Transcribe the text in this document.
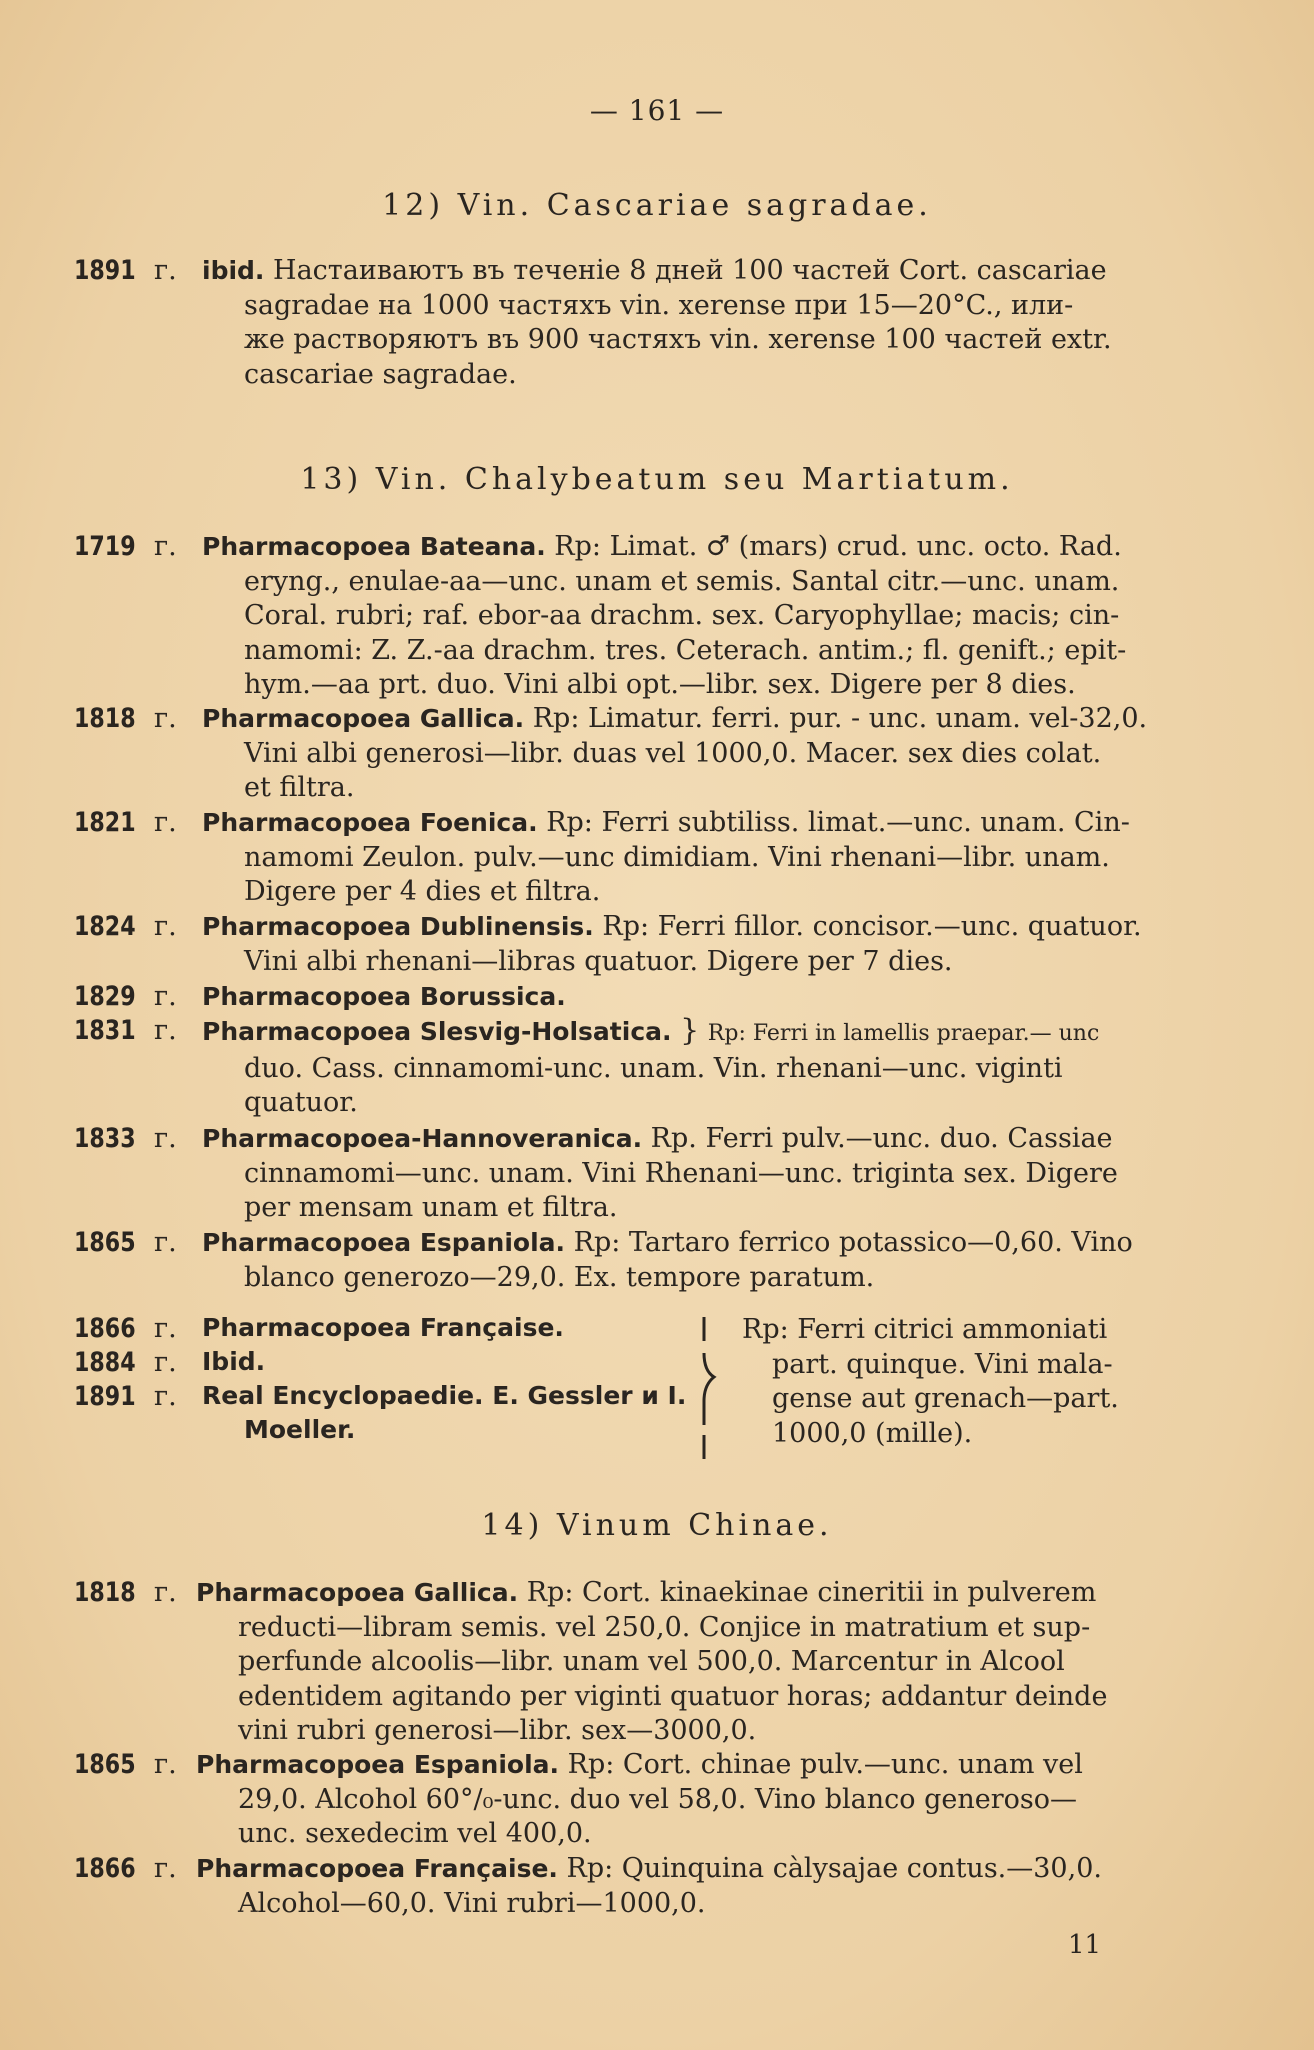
— 161 —
12) Vin. Cascariae sagradae.
1891 г. ibid. Настаиваютъ въ теченіе 8 дней 100 частей Cort. cascariae
sagradae на 1000 частяхъ vin. xerense при 15—20°C., или-
же растворяютъ въ 900 частяхъ vin. xerense 100 частей extr.
cascariae sagradae.
13) Vin. Chalybeatum seu Martiatum.
1719 г. Pharmacopoea Bateana. Rp: Limat. ♂ (mars) crud. unc. octo. Rad.
eryng., enulae-aa—unc. unam et semis. Santal citr.—unc. unam.
Coral. rubri; raf. ebor-aa drachm. sex. Caryophyllae; macis; cin-
namomi: Z. Z.-aa drachm. tres. Ceterach. antim.; fl. genift.; epit-
hym.—aa prt. duo. Vini albi opt.—libr. sex. Digere per 8 dies.
1818 г. Pharmacopoea Gallica. Rp: Limatur. ferri. pur. - unc. unam. vel-32,0.
Vini albi generosi—libr. duas vel 1000,0. Macer. sex dies colat.
et filtra.
1821 г. Pharmacopoea Foenica. Rp: Ferri subtiliss. limat.—unc. unam. Cin-
namomi Zeulon. pulv.—unc dimidiam. Vini rhenani—libr. unam.
Digere per 4 dies et filtra.
1824 г. Pharmacopoea Dublinensis. Rp: Ferri fillor. concisor.—unc. quatuor.
Vini albi rhenani—libras quatuor. Digere per 7 dies.
1829 г. Pharmacopoea Borussica.
1831 г. Pharmacopoea Slesvig-Holsatica. } Rp: Ferri in lamellis praepar.— unc
duo. Cass. cinnamomi-unc. unam. Vin. rhenani—unc. viginti
quatuor.
1833 г. Pharmacopoea-Hannoveranica. Rp. Ferri pulv.—unc. duo. Cassiae
cinnamomi—unc. unam. Vini Rhenani—unc. triginta sex. Digere
per mensam unam et filtra.
1865 г. Pharmacopoea Espaniola. Rp: Tartaro ferrico potassico—0,60. Vino
blanco generozo—29,0. Ex. tempore paratum.
1866 г. Pharmacopoea Française.
1884 г. Ibid.
1891 г. Real Encyclopaedie. E. Gessler и I.
Moeller.
Rp: Ferri citrici ammoniati
part. quinque. Vini mala-
gense aut grenach—part.
1000,0 (mille).
14) Vinum Chinae.
1818 г. Pharmacopoea Gallica. Rp: Cort. kinaekinae cineritii in pulverem
reducti—libram semis. vel 250,0. Conjice in matratium et sup-
perfunde alcoolis—libr. unam vel 500,0. Marcentur in Alcool
edentidem agitando per viginti quatuor horas; addantur deinde
vini rubri generosi—libr. sex—3000,0.
1865 г. Pharmacopoea Espaniola. Rp: Cort. chinae pulv.—unc. unam vel
29,0. Alcohol 60°/₀-unc. duo vel 58,0. Vino blanco generoso—
unc. sexedecim vel 400,0.
1866 г. Pharmacopoea Française. Rp: Quinquina càlysajae contus.—30,0.
Alcohol—60,0. Vini rubri—1000,0.
11
